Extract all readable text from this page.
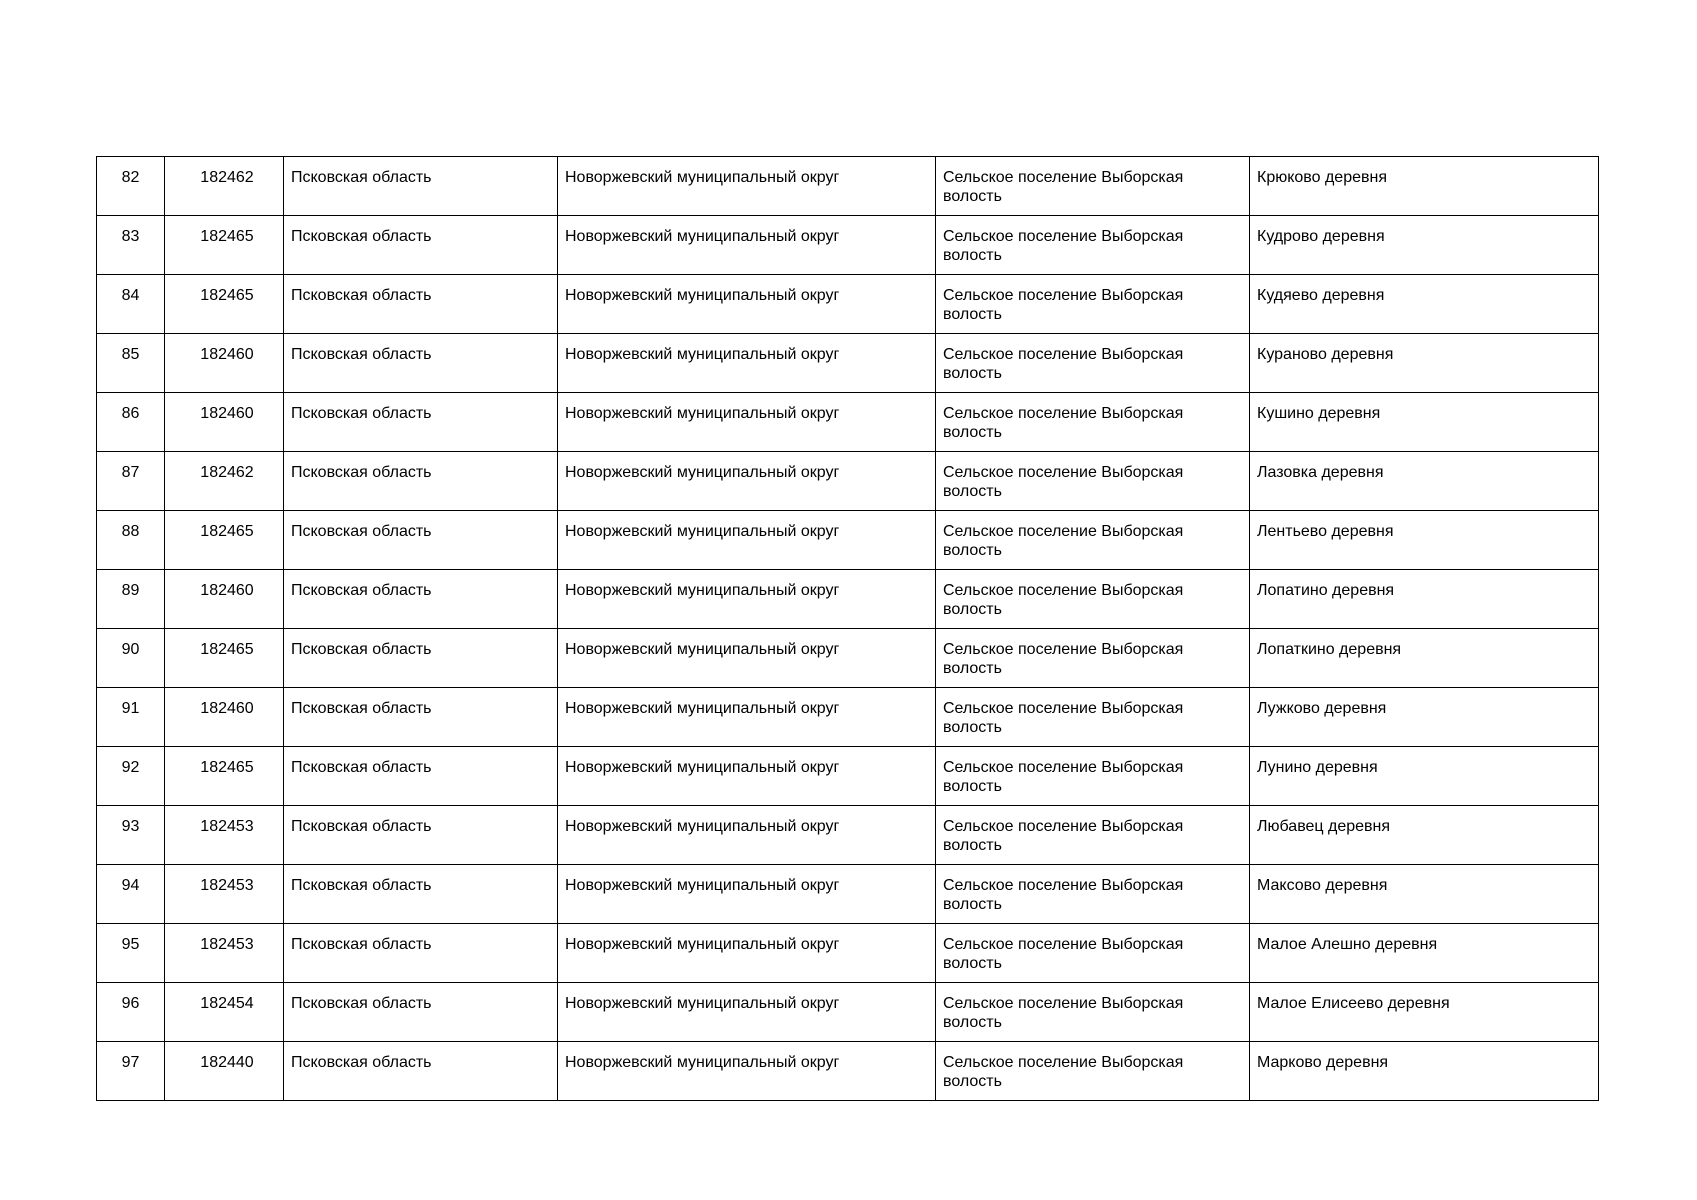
82	182462	Псковская область	Новоржевский муниципальный округ	Сельское поселение Выборская волость	Крюково деревня

83	182465	Псковская область	Новоржевский муниципальный округ	Сельское поселение Выборская волость	Кудрово деревня

84	182465	Псковская область	Новоржевский муниципальный округ	Сельское поселение Выборская волость	Кудяево деревня

85	182460	Псковская область	Новоржевский муниципальный округ	Сельское поселение Выборская волость	Кураново деревня

86	182460	Псковская область	Новоржевский муниципальный округ	Сельское поселение Выборская волость	Кушино деревня

87	182462	Псковская область	Новоржевский муниципальный округ	Сельское поселение Выборская волость	Лазовка деревня

88	182465	Псковская область	Новоржевский муниципальный округ	Сельское поселение Выборская волость	Лентьево деревня

89	182460	Псковская область	Новоржевский муниципальный округ	Сельское поселение Выборская волость	Лопатино деревня

90	182465	Псковская область	Новоржевский муниципальный округ	Сельское поселение Выборская волость	Лопаткино деревня

91	182460	Псковская область	Новоржевский муниципальный округ	Сельское поселение Выборская волость	Лужково деревня

92	182465	Псковская область	Новоржевский муниципальный округ	Сельское поселение Выборская волость	Лунино деревня

93	182453	Псковская область	Новоржевский муниципальный округ	Сельское поселение Выборская волость	Любавец деревня

94	182453	Псковская область	Новоржевский муниципальный округ	Сельское поселение Выборская волость	Максово деревня

95	182453	Псковская область	Новоржевский муниципальный округ	Сельское поселение Выборская волость	Малое Алешно деревня

96	182454	Псковская область	Новоржевский муниципальный округ	Сельское поселение Выборская волость	Малое Елисеево деревня

97	182440	Псковская область	Новоржевский муниципальный округ	Сельское поселение Выборская волость	Марково деревня
